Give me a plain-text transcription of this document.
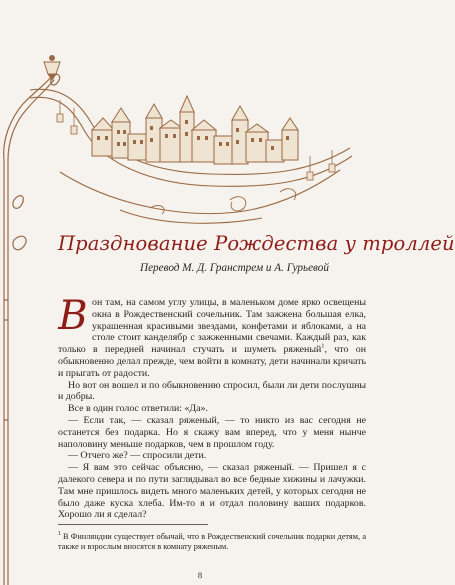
Празднование Рождества у троллей
Перевод М. Д. Гранстрем и А. Гурьевой

Вон там, на самом углу улицы, в маленьком доме ярко освещены окна в Рождественский сочельник. Там зажжена большая елка, украшенная красивыми звездами, конфетами и яблоками, а на столе стоит канделябр с зажженными свечами. Каждый раз, как только в передней начинал стучать и шуметь ряженый$^1$, что он обыкновенно делал прежде, чем войти в комнату, дети начинали кричать и прыгать от радости.

Но вот он вошел и по обыкновению спросил, были ли дети послушны и добры.

Все в один голос ответили: «Да».

— Если так, — сказал ряженый, — то никто из вас сегодня не останется без подарка. Но я скажу вам вперед, что у меня нынче наполовину меньше подарков, чем в прошлом году.

— Отчего же? — спросили дети.

— Я вам это сейчас объясню, — сказал ряженый. — Пришел я с далекого севера и по пути заглядывал во все бедные хижины и лачужки. Там мне пришлось видеть много маленьких детей, у которых сегодня не было даже куска хлеба. Им-то я и отдал половину ваших подарков. Хорошо ли я сделал?

$^1$ В Финляндии существует обычай, что в Рождественский сочельник подарки детям, а также и взрослым вносятся в комнату ряженым.
8
